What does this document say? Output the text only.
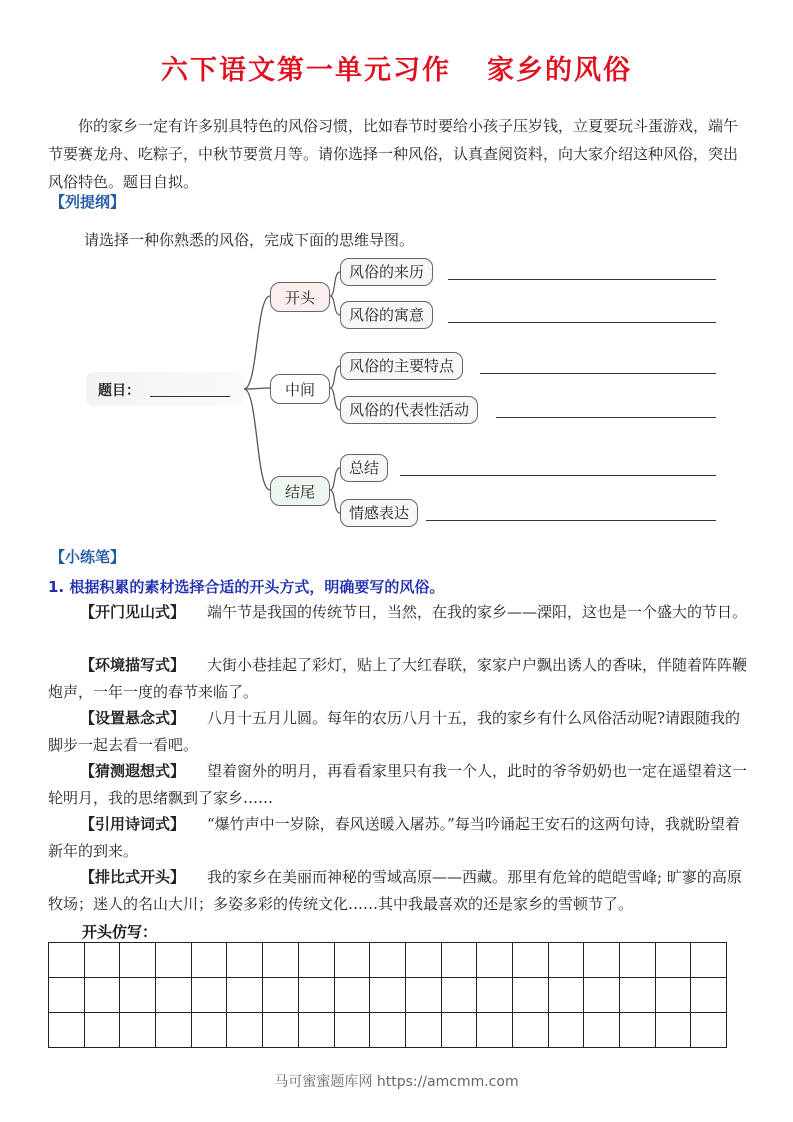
六下语文第一单元习作 家乡的风俗
你的家乡一定有许多别具特色的风俗习惯，比如春节时要给小孩子压岁钱，立夏要玩斗蛋游戏，端午节要赛龙舟、吃粽子，中秋节要赏月等。请你选择一种风俗，认真查阅资料，向大家介绍这种风俗，突出风俗特色。题目自拟。
【列提纲】
请选择一种你熟悉的风俗，完成下面的思维导图。
题目：
开头
中间
结尾
风俗的来历
风俗的寓意
风俗的主要特点
风俗的代表性活动
总结
情感表达
【小练笔】
1. 根据积累的素材选择合适的开头方式，明确要写的风俗。
【开门见山式】 端午节是我国的传统节日，当然，在我的家乡——溧阳，这也是一个盛大的节日。
【环境描写式】 大街小巷挂起了彩灯，贴上了大红春联，家家户户飘出诱人的香味，伴随着阵阵鞭炮声，一年一度的春节来临了。
【设置悬念式】 八月十五月儿圆。每年的农历八月十五，我的家乡有什么风俗活动呢?请跟随我的脚步一起去看一看吧。
【猜测遐想式】 望着窗外的明月，再看看家里只有我一个人，此时的爷爷奶奶也一定在遥望着这一轮明月，我的思绪飘到了家乡……
【引用诗词式】 “爆竹声中一岁除，春风送暖入屠苏。”每当吟诵起王安石的这两句诗，我就盼望着新年的到来。
【排比式开头】 我的家乡在美丽而神秘的雪域高原——西藏。那里有危耸的皑皑雪峰; 旷寥的高原牧场；迷人的名山大川；多姿多彩的传统文化……其中我最喜欢的还是家乡的雪顿节了。
开头仿写：

马可蜜蜜题库网 https://amcmm.com
